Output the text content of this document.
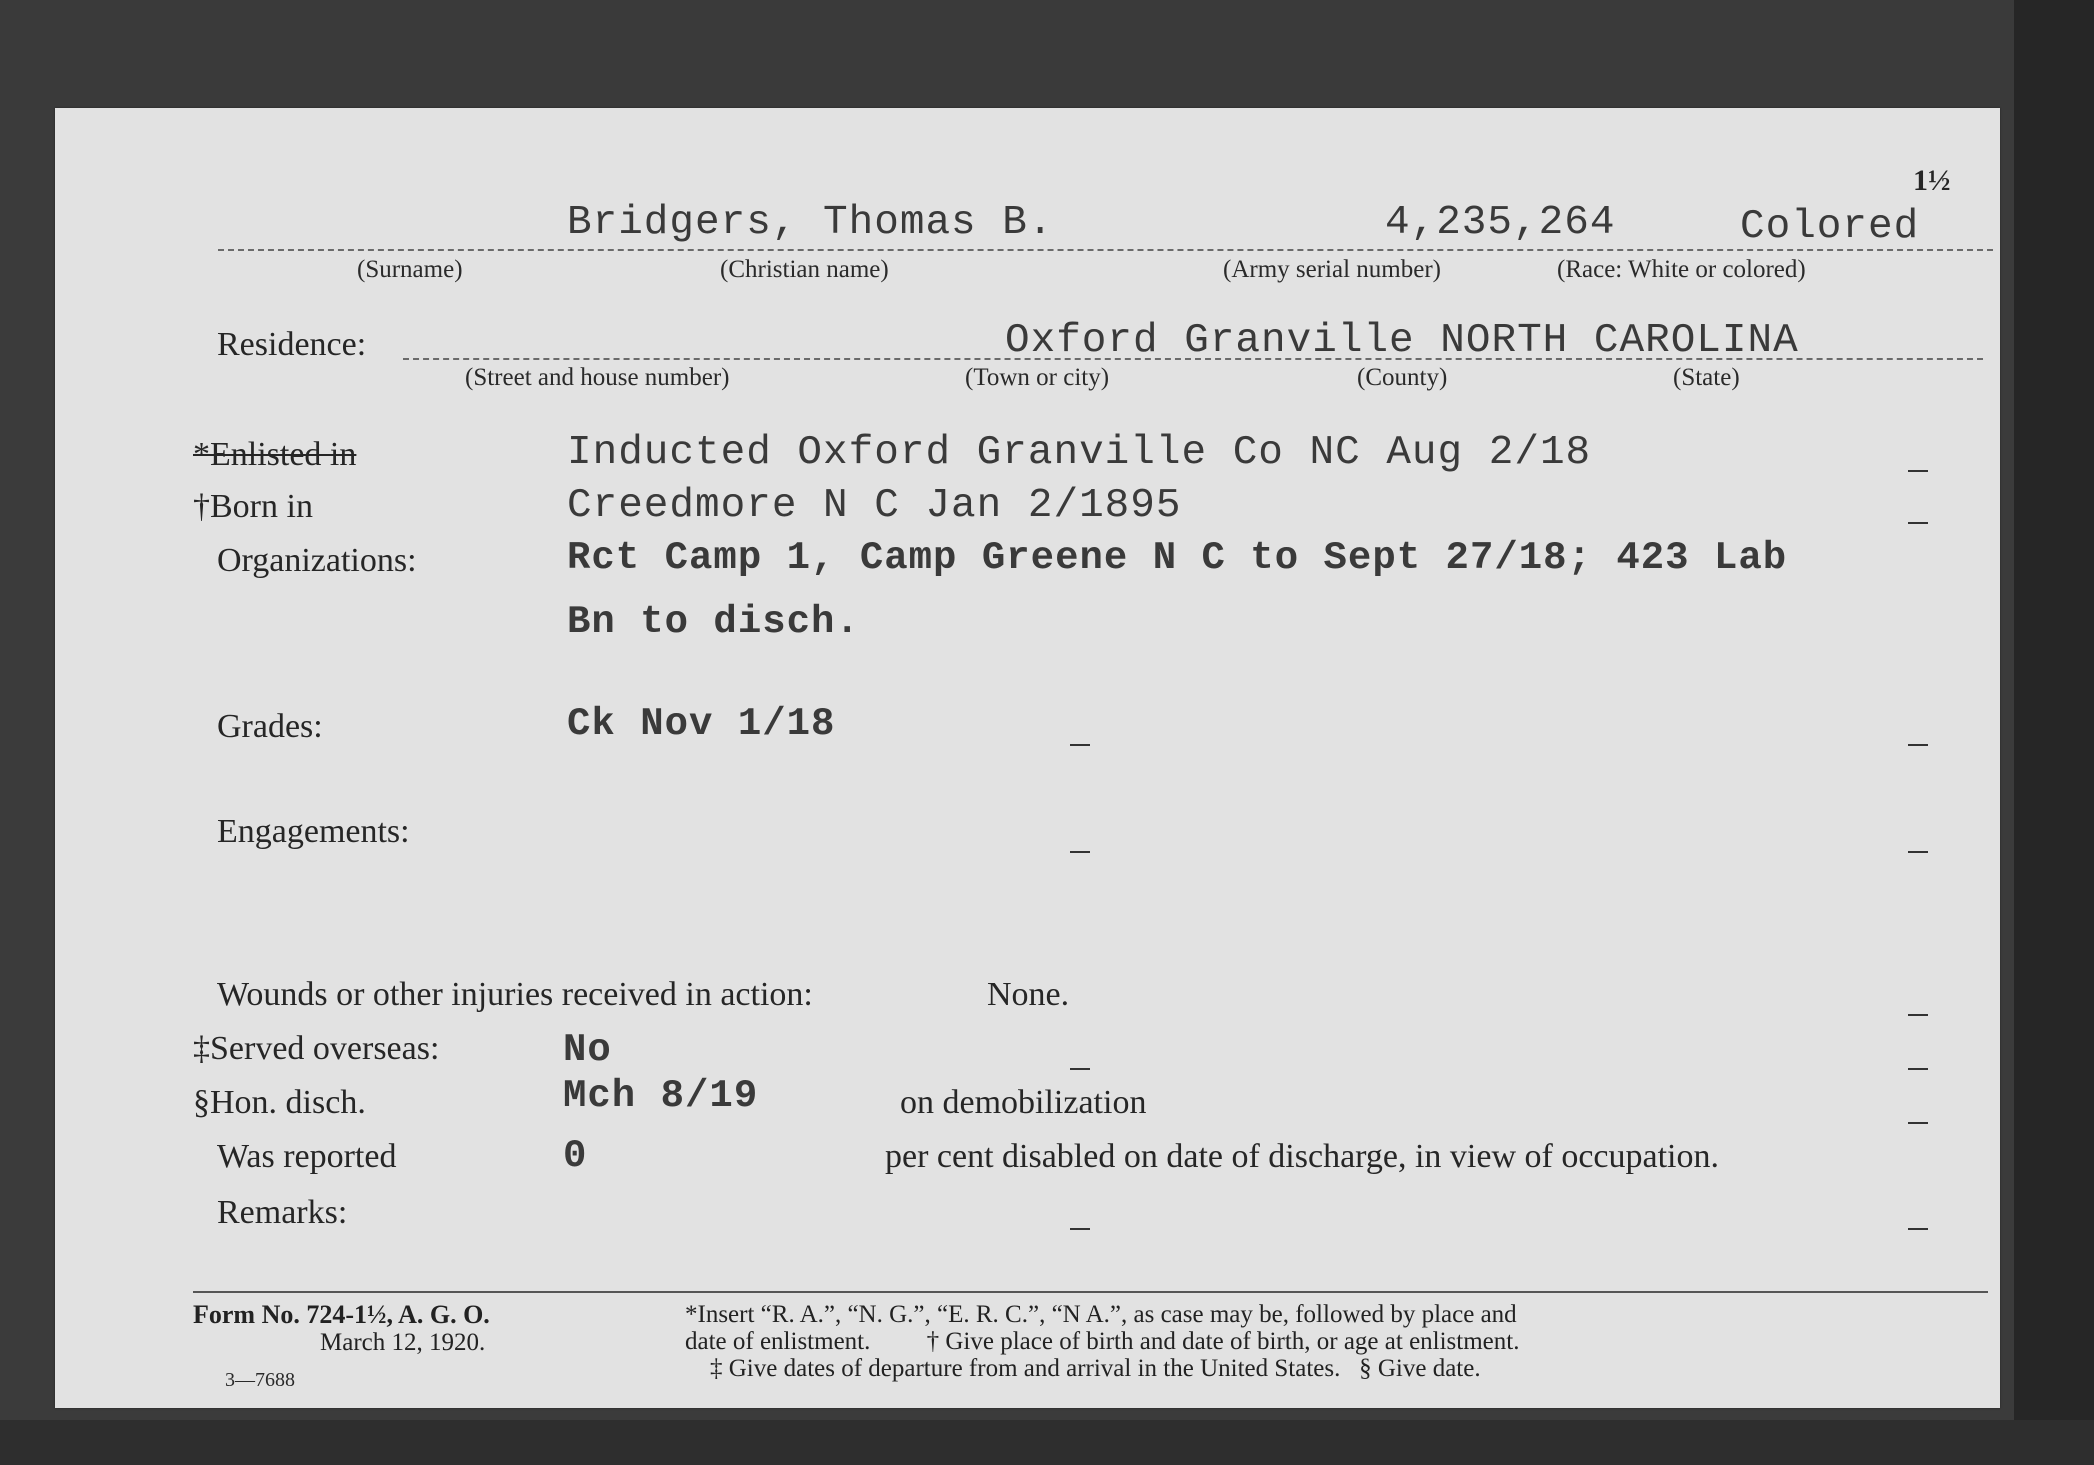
1½
Bridgers, Thomas B.	4,235,264	Colored
(Surname)	(Christian name)	(Army serial number)	(Race: White or colored)
Residence:	Oxford Granville NORTH CAROLINA
(Street and house number)	(Town or city)	(County)	(State)
*Enlisted in	Inducted Oxford Granville Co NC Aug 2/18
†Born in	Creedmore N C Jan 2/1895
Organizations:	Rct Camp 1, Camp Greene N C to Sept 27/18; 423 Lab
Bn to disch.
Grades:	Ck Nov 1/18
Engagements:
Wounds or other injuries received in action:	None.
‡Served overseas:	No
§Hon. disch.	Mch 8/19	on demobilization
Was reported	0	per cent disabled on date of discharge, in view of occupation.
Remarks:
Form No. 724-1½, A. G. O.
March 12, 1920.
3—7688
*Insert “R. A.”, “N. G.”, “E. R. C.”, “N A.”, as case may be, followed by place and
date of enlistment.         † Give place of birth and date of birth, or age at enlistment.
‡ Give dates of departure from and arrival in the United States.   § Give date.
